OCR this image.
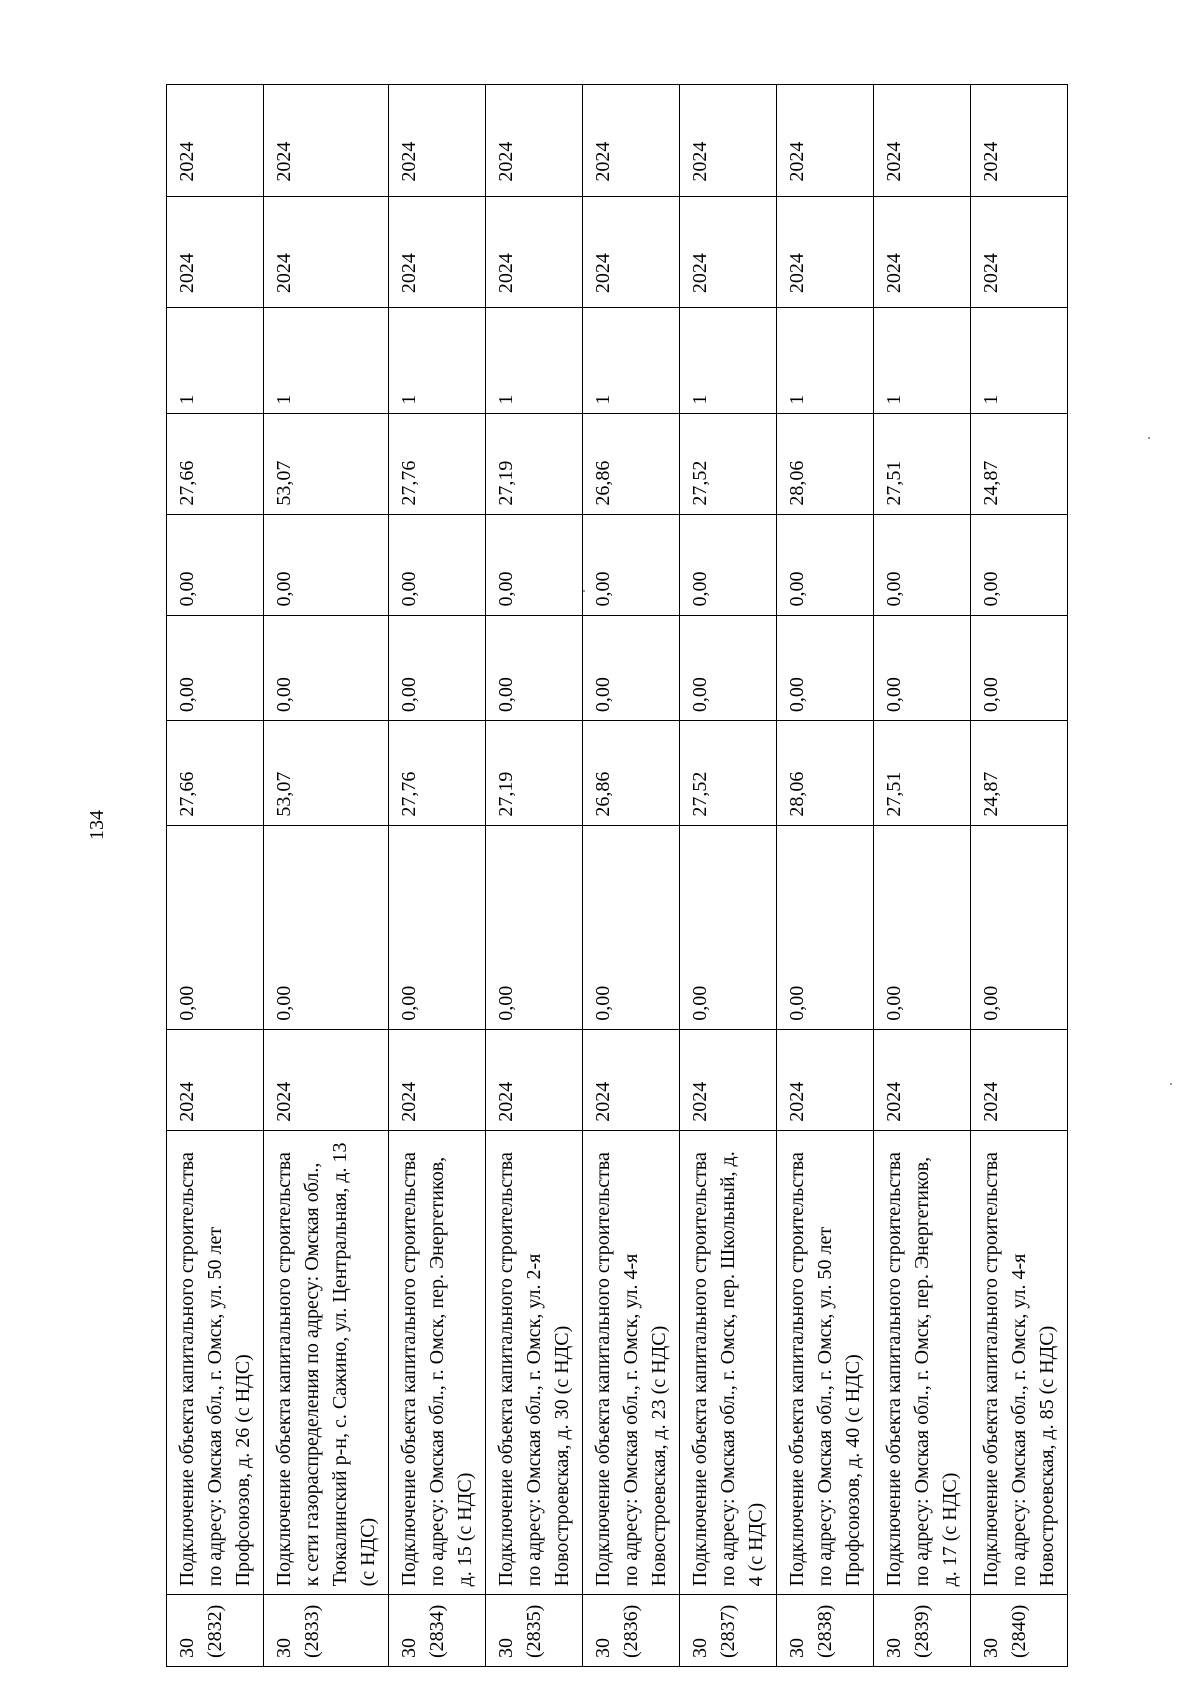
134
30
(2832)	Подключение объекта капитального строительства по адресу: Омская обл., г. Омск, ул. 50 лет Профсоюзов, д. 26 (с НДС)	2024	0,00	27,66	0,00	0,00	27,66	1	2024	2024
30
(2833)	Подключение объекта капитального строительства к сети газораспределения по адресу: Омская обл., Тюкалинский р-н, с. Сажино, ул. Центральная, д. 13 (с НДС)	2024	0,00	53,07	0,00	0,00	53,07	1	2024	2024
30
(2834)	Подключение объекта капитального строительства по адресу: Омская обл., г. Омск, пер. Энергетиков, д. 15 (с НДС)	2024	0,00	27,76	0,00	0,00	27,76	1	2024	2024
30
(2835)	Подключение объекта капитального строительства по адресу: Омская обл., г. Омск, ул. 2-я Новостроевская, д. 30 (с НДС)	2024	0,00	27,19	0,00	0,00	27,19	1	2024	2024
30
(2836)	Подключение объекта капитального строительства по адресу: Омская обл., г. Омск, ул. 4-я Новостроевская, д. 23 (с НДС)	2024	0,00	26,86	0,00	0,00	26,86	1	2024	2024
30
(2837)	Подключение объекта капитального строительства по адресу: Омская обл., г. Омск, пер. Школьный, д. 4 (с НДС)	2024	0,00	27,52	0,00	0,00	27,52	1	2024	2024
30
(2838)	Подключение объекта капитального строительства по адресу: Омская обл., г. Омск, ул. 50 лет Профсоюзов, д. 40 (с НДС)	2024	0,00	28,06	0,00	0,00	28,06	1	2024	2024
30
(2839)	Подключение объекта капитального строительства по адресу: Омская обл., г. Омск, пер. Энергетиков, д. 17 (с НДС)	2024	0,00	27,51	0,00	0,00	27,51	1	2024	2024
30
(2840)	Подключение объекта капитального строительства по адресу: Омская обл., г. Омск, ул. 4-я Новостроевская, д. 85 (с НДС)	2024	0,00	24,87	0,00	0,00	24,87	1	2024	2024
